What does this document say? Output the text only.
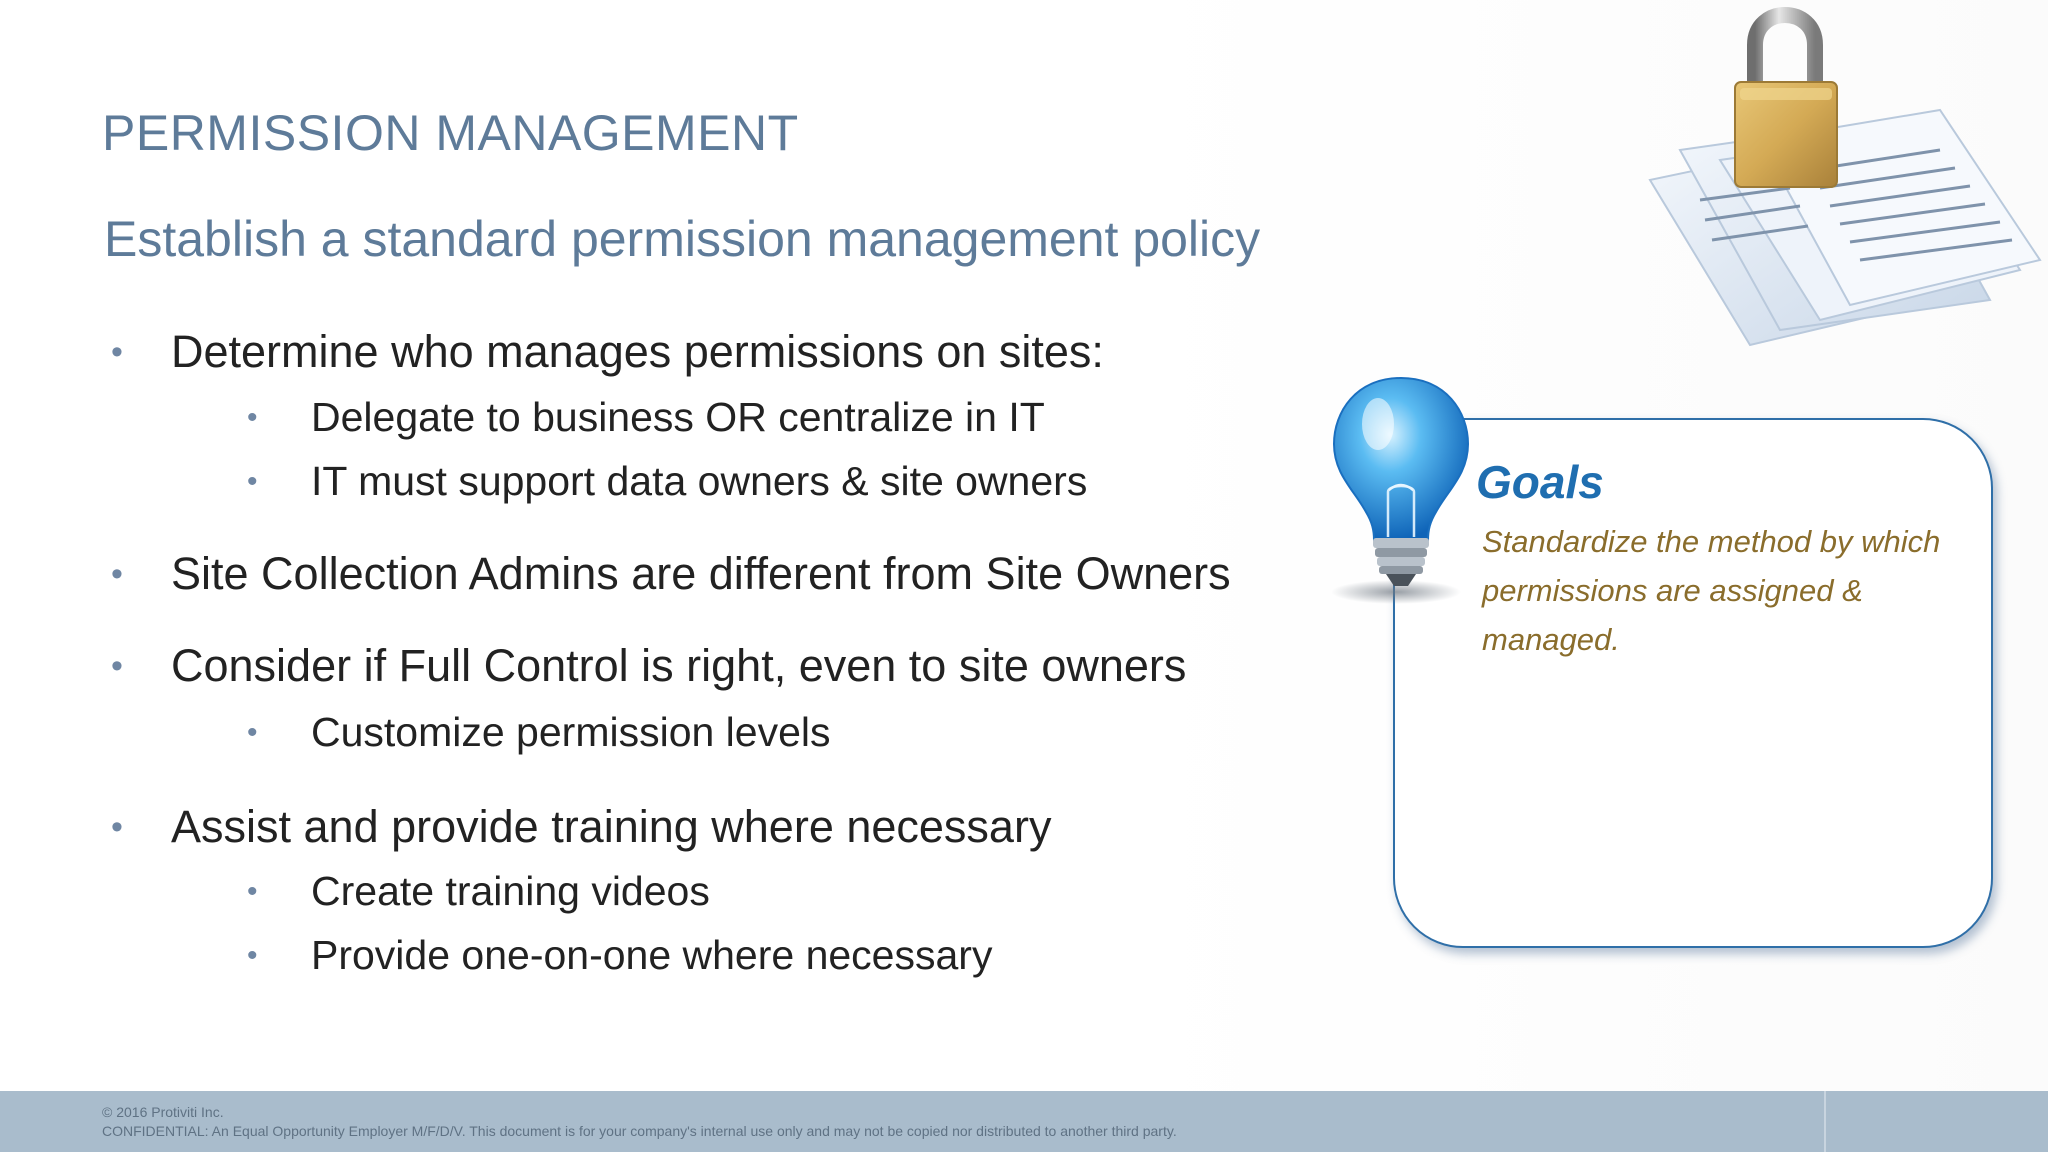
PERMISSION MANAGEMENT
Establish a standard permission management policy
• Determine who manages permissions on sites:
• Delegate to business OR centralize in IT
• IT must support data owners & site owners
• Site Collection Admins are different from Site Owners
• Consider if Full Control is right, even to site owners
• Customize permission levels
• Assist and provide training where necessary
• Create training videos
• Provide one-on-one where necessary
Goals
Standardize the method by which
permissions are assigned &
managed.
© 2016 Protiviti Inc.
CONFIDENTIAL: An Equal Opportunity Employer M/F/D/V. This document is for your company's internal use only and may not be copied nor distributed to another third party.
